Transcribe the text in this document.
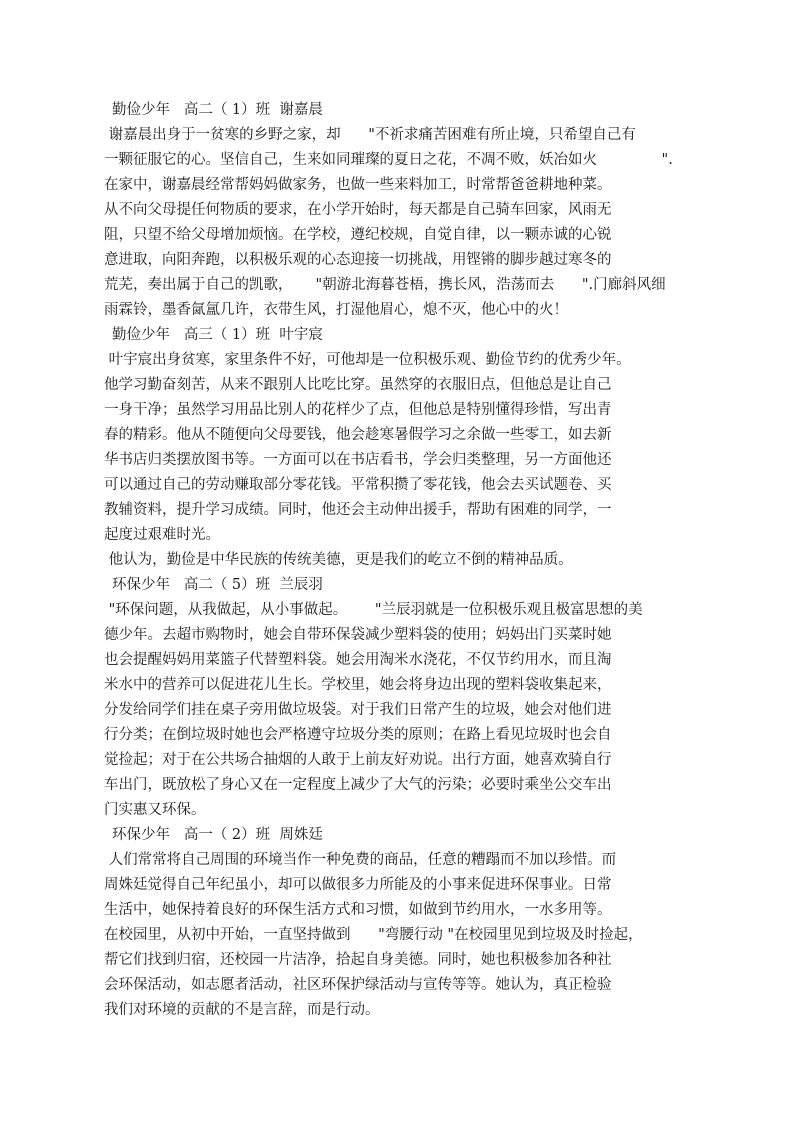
勤俭少年   高二（ 1）班  谢嘉晨
谢嘉晨出身于一贫寒的乡野之家，却      "不祈求痛苦困难有所止境，只希望自己有
一颗征服它的心。坚信自己，生来如同璀璨的夏日之花，不凋不败，妖冶如火              ".
在家中，谢嘉晨经常帮妈妈做家务，也做一些来料加工，时常帮爸爸耕地种菜。
从不向父母提任何物质的要求，在小学开始时，每天都是自己骑车回家，风雨无
阻，只望不给父母增加烦恼。在学校，遵纪校规，自觉自律，以一颗赤诚的心锐
意进取，向阳奔跑，以积极乐观的心态迎接一切挑战，用铿锵的脚步越过寒冬的
荒芜，奏出属于自己的凯歌，     "朝游北海暮苍梧，携长风，浩荡而去      ".门廊斜风细
雨霖铃，墨香氤氲几许，衣带生风，打湿他眉心，熄不灭，他心中的火！
勤俭少年   高三（ 1）班  叶宇宸
叶宇宸出身贫寒，家里条件不好，可他却是一位积极乐观、勤俭节约的优秀少年。
他学习勤奋刻苦，从来不跟别人比吃比穿。虽然穿的衣服旧点，但他总是让自己
一身干净；虽然学习用品比别人的花样少了点，但他总是特别懂得珍惜，写出青
春的精彩。他从不随便向父母要钱，他会趁寒暑假学习之余做一些零工，如去新
华书店归类摆放图书等。一方面可以在书店看书，学会归类整理，另一方面他还
可以通过自己的劳动赚取部分零花钱。平常积攒了零花钱，他会去买试题卷、买
教辅资料，提升学习成绩。同时，他还会主动伸出援手，帮助有困难的同学，一
起度过艰难时光。
他认为，勤俭是中华民族的传统美德，更是我们的屹立不倒的精神品质。
环保少年   高二（ 5）班  兰辰羽
"环保问题，从我做起，从小事做起。      "兰辰羽就是一位积极乐观且极富思想的美
德少年。去超市购物时，她会自带环保袋减少塑料袋的使用；妈妈出门买菜时她
也会提醒妈妈用菜篮子代替塑料袋。她会用淘米水浇花，不仅节约用水，而且淘
米水中的营养可以促进花儿生长。学校里，她会将身边出现的塑料袋收集起来，
分发给同学们挂在桌子旁用做垃圾袋。对于我们日常产生的垃圾，她会对他们进
行分类；在倒垃圾时她也会严格遵守垃圾分类的原则；在路上看见垃圾时也会自
觉捡起；对于在公共场合抽烟的人敢于上前友好劝说。出行方面，她喜欢骑自行
车出门，既放松了身心又在一定程度上减少了大气的污染；必要时乘坐公交车出
门实惠又环保。
环保少年   高一（ 2）班  周姝廷
人们常常将自己周围的环境当作一种免费的商品，任意的糟蹋而不加以珍惜。而
周姝廷觉得自己年纪虽小，却可以做很多力所能及的小事来促进环保事业。日常
生活中，她保持着良好的环保生活方式和习惯，如做到节约用水，一水多用等。
在校园里，从初中开始，一直坚持做到      "弯腰行动 "在校园里见到垃圾及时捡起，
帮它们找到归宿，还校园一片洁净，拾起自身美德。同时，她也积极参加各种社
会环保活动，如志愿者活动，社区环保护绿活动与宣传等等。她认为，真正检验
我们对环境的贡献的不是言辞，而是行动。
